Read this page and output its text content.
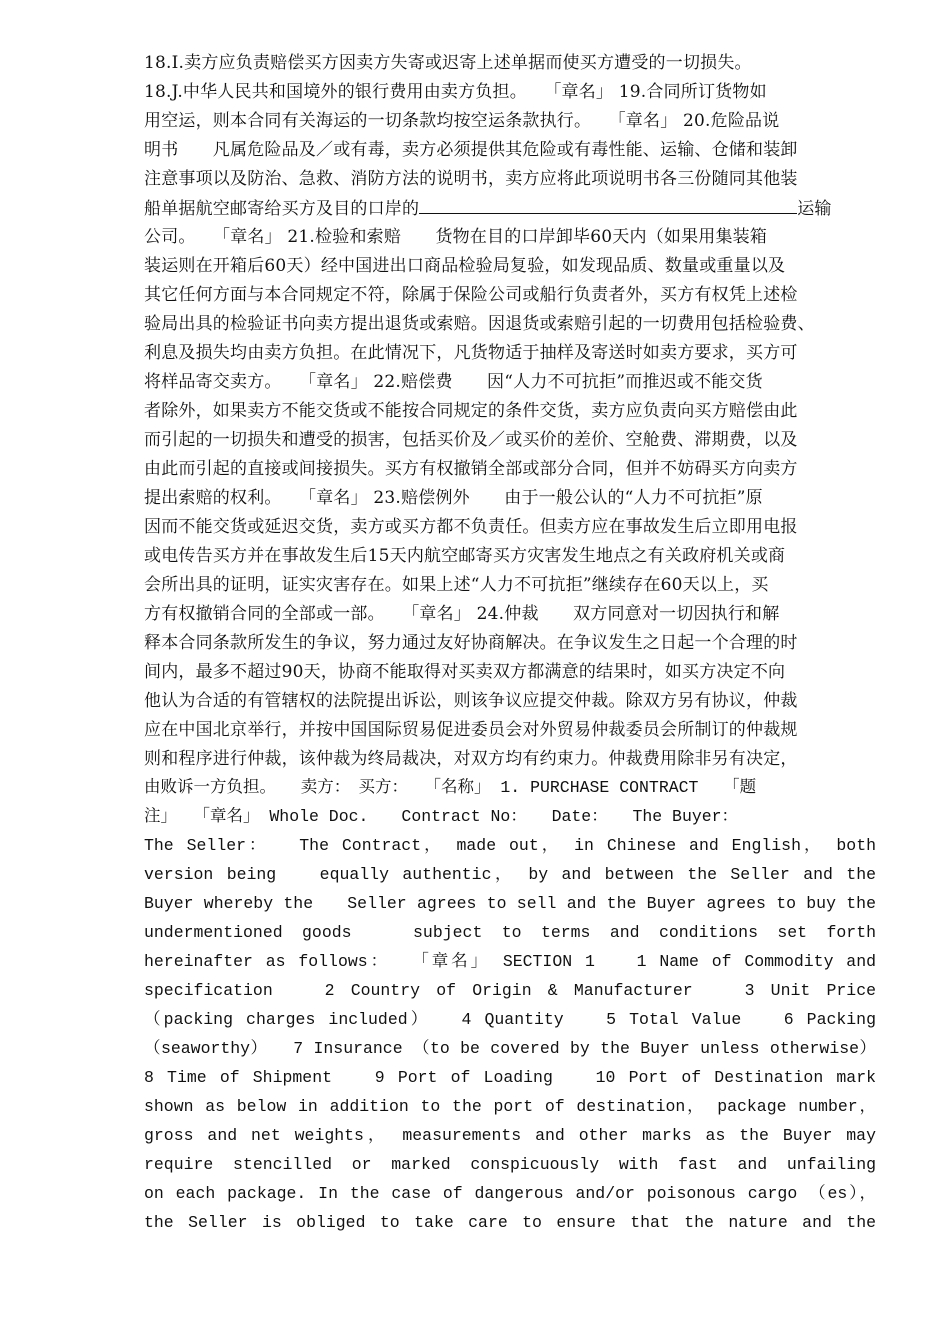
18.I.卖方应负责赔偿买方因卖方失寄或迟寄上述单据而使买方遭受的一切损失。
18.J.中华人民共和国境外的银行费用由卖方负担。　　「章名」 19.合同所订货物如
用空运，则本合同有关海运的一切条款均按空运条款执行。　　「章名」 20.危险品说
明书　　凡属危险品及／或有毒，卖方必须提供其危险或有毒性能、运输、仓储和装卸
注意事项以及防治、急救、消防方法的说明书，卖方应将此项说明书各三份随同其他装
船单据航空邮寄给买方及目的口岸的	运输
公司。　　「章名」 21.检验和索赔　　货物在目的口岸卸毕60天内（如果用集装箱
装运则在开箱后60天）经中国进出口商品检验局复验，如发现品质、数量或重量以及
其它任何方面与本合同规定不符，除属于保险公司或船行负责者外，买方有权凭上述检
验局出具的检验证书向卖方提出退货或索赔。因退货或索赔引起的一切费用包括检验费、
利息及损失均由卖方负担。在此情况下，凡货物适于抽样及寄送时如卖方要求，买方可
将样品寄交卖方。　　「章名」 22.赔偿费　　因“人力不可抗拒”而推迟或不能交货
者除外，如果卖方不能交货或不能按合同规定的条件交货，卖方应负责向买方赔偿由此
而引起的一切损失和遭受的损害，包括买价及／或买价的差价、空舱费、滞期费，以及
由此而引起的直接或间接损失。买方有权撤销全部或部分合同，但并不妨碍买方向卖方
提出索赔的权利。　　「章名」 23.赔偿例外　　由于一般公认的“人力不可抗拒”原
因而不能交货或延迟交货，卖方或买方都不负责任。但卖方应在事故发生后立即用电报
或电传告买方并在事故发生后15天内航空邮寄买方灾害发生地点之有关政府机关或商
会所出具的证明，证实灾害存在。如果上述“人力不可抗拒”继续存在60天以上，买
方有权撤销合同的全部或一部。　　「章名」 24.仲裁　　双方同意对一切因执行和解
释本合同条款所发生的争议，努力通过友好协商解决。在争议发生之日起一个合理的时
间内，最多不超过90天，协商不能取得对买卖双方都满意的结果时，如买方决定不向
他认为合适的有管辖权的法院提出诉讼，则该争议应提交仲裁。除双方另有协议，仲裁
应在中国北京举行，并按中国国际贸易促进委员会对外贸易仲裁委员会所制订的仲裁规
则和程序进行仲裁，该仲裁为终局裁决，对双方均有约束力。仲裁费用除非另有决定，
由败诉一方负担。　　卖方：　买方：　　「名称」 1. PURCHASE CONTRACT　　「题
注」　　「章名」 Whole Doc.　　Contract No：　　Date：　　The Buyer：
The Seller：　　The Contract， made out， in Chinese and English， both
version being　　equally authentic， by and between the Seller and the
Buyer whereby the　　Seller agrees to sell and the Buyer agrees to buy the
undermentioned goods　　subject to terms and conditions set forth
hereinafter as follows：　　「章名」 SECTION 1　　1 Name of Commodity and
specification　　2 Country of Origin & Manufacturer　　3 Unit Price
（packing charges included）　　4 Quantity　　5 Total Value　　6 Packing
（seaworthy）　　7 Insurance （to be covered by the Buyer unless otherwise）
8 Time of Shipment　　9 Port of Loading　　10 Port of Destination mark
shown as below in addition to the port of destination， package number，
gross and net weights， measurements and other marks as the Buyer may
require stencilled or marked conspicuously with fast and unfailing
on each package. In the case of dangerous and/or poisonous cargo （es），
the Seller is obliged to take care to ensure that the nature and the
